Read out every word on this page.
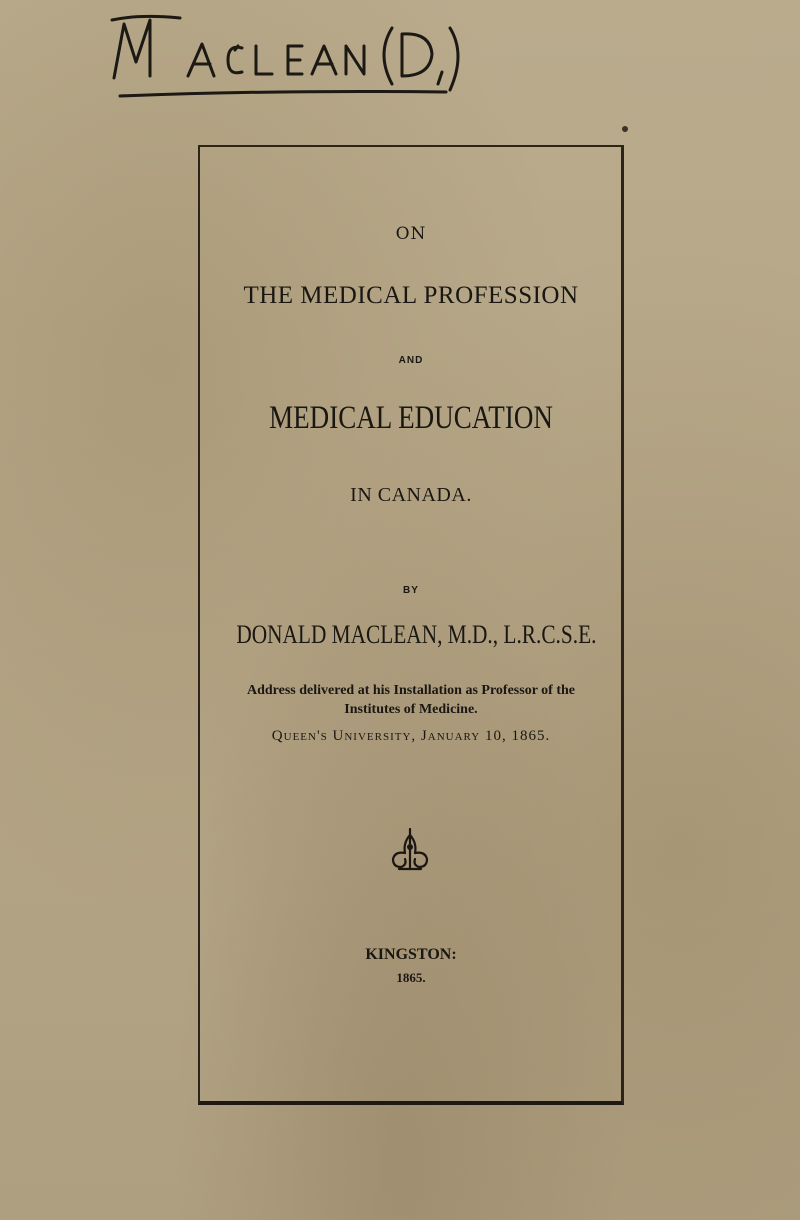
ON
THE MEDICAL PROFESSION
AND
MEDICAL EDUCATION
IN CANADA.
BY
DONALD MACLEAN, M.D., L.R.C.S.E.
Address delivered at his Installation as Professor of the
Institutes of Medicine.
Queen's University, January 10, 1865.
KINGSTON:
1865.
